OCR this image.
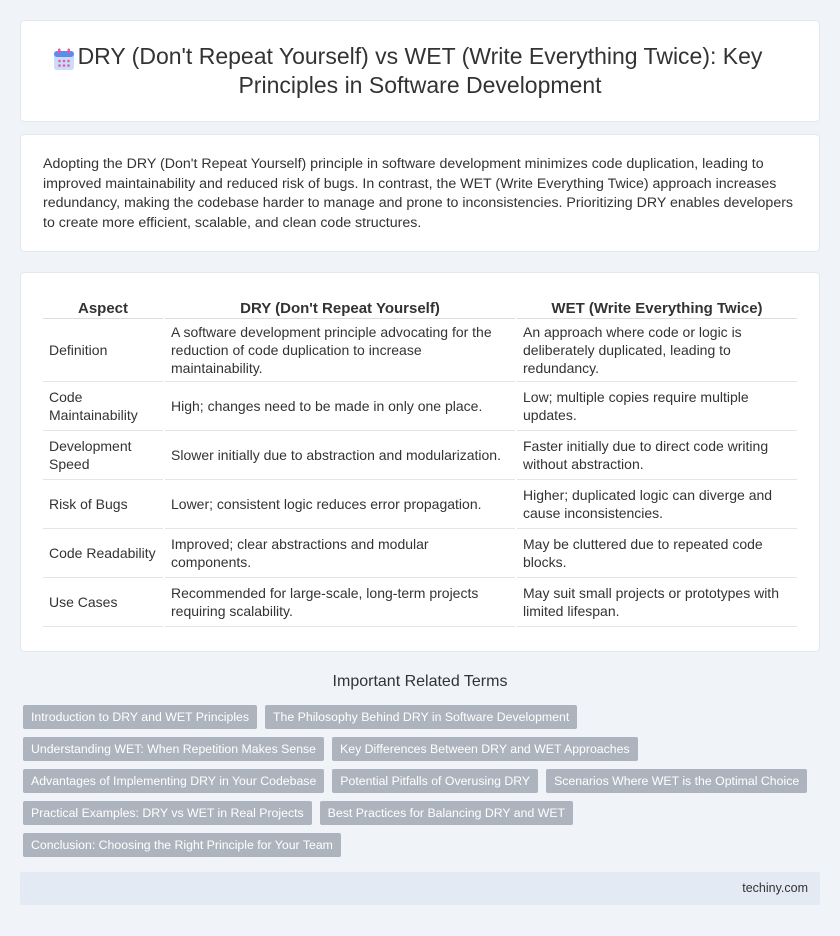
DRY (Don't Repeat Yourself) vs WET (Write Everything Twice): Key Principles in Software Development

Adopting the DRY (Don't Repeat Yourself) principle in software development minimizes code duplication, leading to improved maintainability and reduced risk of bugs. In contrast, the WET (Write Everything Twice) approach increases redundancy, making the codebase harder to manage and prone to inconsistencies. Prioritizing DRY enables developers to create more efficient, scalable, and clean code structures.

Aspect	DRY (Don't Repeat Yourself)	WET (Write Everything Twice)
Definition	A software development principle advocating for the reduction of code duplication to increase maintainability.	An approach where code or logic is deliberately duplicated, leading to redundancy.
Code Maintainability	High; changes need to be made in only one place.	Low; multiple copies require multiple updates.
Development Speed	Slower initially due to abstraction and modularization.	Faster initially due to direct code writing without abstraction.
Risk of Bugs	Lower; consistent logic reduces error propagation.	Higher; duplicated logic can diverge and cause inconsistencies.
Code Readability	Improved; clear abstractions and modular components.	May be cluttered due to repeated code blocks.
Use Cases	Recommended for large-scale, long-term projects requiring scalability.	May suit small projects or prototypes with limited lifespan.
Important Related Terms
Introduction to DRY and WET Principles	The Philosophy Behind DRY in Software Development
Understanding WET: When Repetition Makes Sense	Key Differences Between DRY and WET Approaches
Advantages of Implementing DRY in Your Codebase	Potential Pitfalls of Overusing DRY	Scenarios Where WET is the Optimal Choice
Practical Examples: DRY vs WET in Real Projects	Best Practices for Balancing DRY and WET
Conclusion: Choosing the Right Principle for Your Team
techiny.com
